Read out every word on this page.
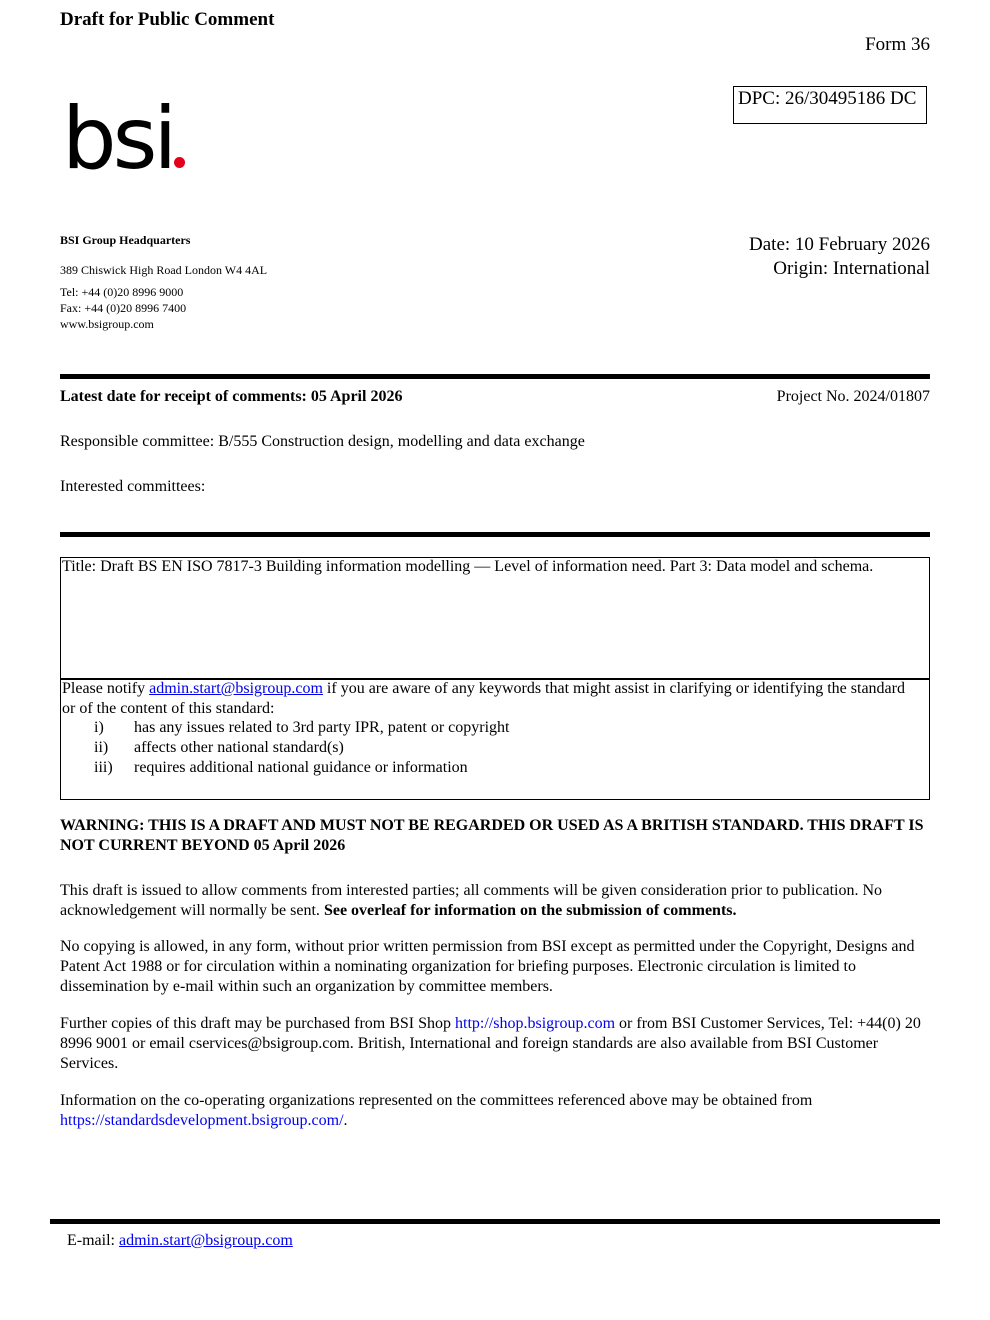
Draft for Public Comment
Form 36
DPC: 26/30495186 DC
bsi
BSI Group Headquarters
389 Chiswick High Road London W4 4AL
Tel: +44 (0)20 8996 9000
Fax: +44 (0)20 8996 7400
www.bsigroup.com
Date: 10 February 2026
Origin: International
Latest date for receipt of comments: 05 April 2026	Project No. 2024/01807
Responsible committee: B/555 Construction design, modelling and data exchange
Interested committees:
Title: Draft BS EN ISO 7817-3 Building information modelling — Level of information need. Part 3: Data model and schema.
Please notify admin.start@bsigroup.com if you are aware of any keywords that might assist in clarifying or identifying the standard or of the content of this standard:
i) has any issues related to 3rd party IPR, patent or copyright
ii) affects other national standard(s)
iii) requires additional national guidance or information
WARNING: THIS IS A DRAFT AND MUST NOT BE REGARDED OR USED AS A BRITISH STANDARD. THIS DRAFT IS NOT CURRENT BEYOND 05 April 2026
This draft is issued to allow comments from interested parties; all comments will be given consideration prior to publication. No acknowledgement will normally be sent. See overleaf for information on the submission of comments.
No copying is allowed, in any form, without prior written permission from BSI except as permitted under the Copyright, Designs and Patent Act 1988 or for circulation within a nominating organization for briefing purposes. Electronic circulation is limited to dissemination by e-mail within such an organization by committee members.
Further copies of this draft may be purchased from BSI Shop http://shop.bsigroup.com or from BSI Customer Services, Tel: +44(0) 20 8996 9001 or email cservices@bsigroup.com. British, International and foreign standards are also available from BSI Customer Services.
Information on the co-operating organizations represented on the committees referenced above may be obtained from https://standardsdevelopment.bsigroup.com/.
E-mail: admin.start@bsigroup.com
